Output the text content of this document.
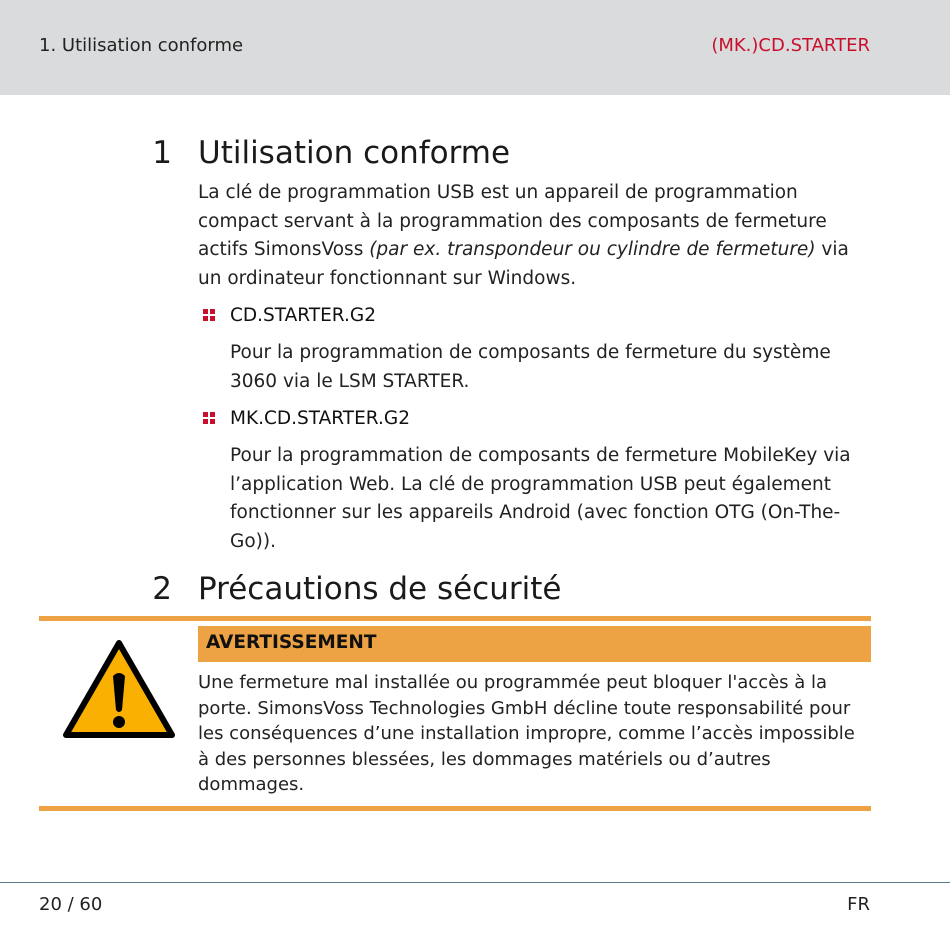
1. Utilisation conforme	(MK.)CD.STARTER
1 Utilisation conforme
La clé de programmation USB est un appareil de programmation compact servant à la programmation des composants de fermeture actifs SimonsVoss (par ex. transpondeur ou cylindre de fermeture) via un ordinateur fonctionnant sur Windows.
CD.STARTER.G2
Pour la programmation de composants de fermeture du système 3060 via le LSM STARTER.
MK.CD.STARTER.G2
Pour la programmation de composants de fermeture MobileKey via l’application Web. La clé de programmation USB peut également fonctionner sur les appareils Android (avec fonction OTG (On-The-Go)).
2 Précautions de sécurité
AVERTISSEMENT
Une fermeture mal installée ou programmée peut bloquer l'accès à la porte. SimonsVoss Technologies GmbH décline toute responsabilité pour les conséquences d’une installation impropre, comme l’accès impossible à des personnes blessées, les dommages matériels ou d’autres dommages.
20 / 60	FR
